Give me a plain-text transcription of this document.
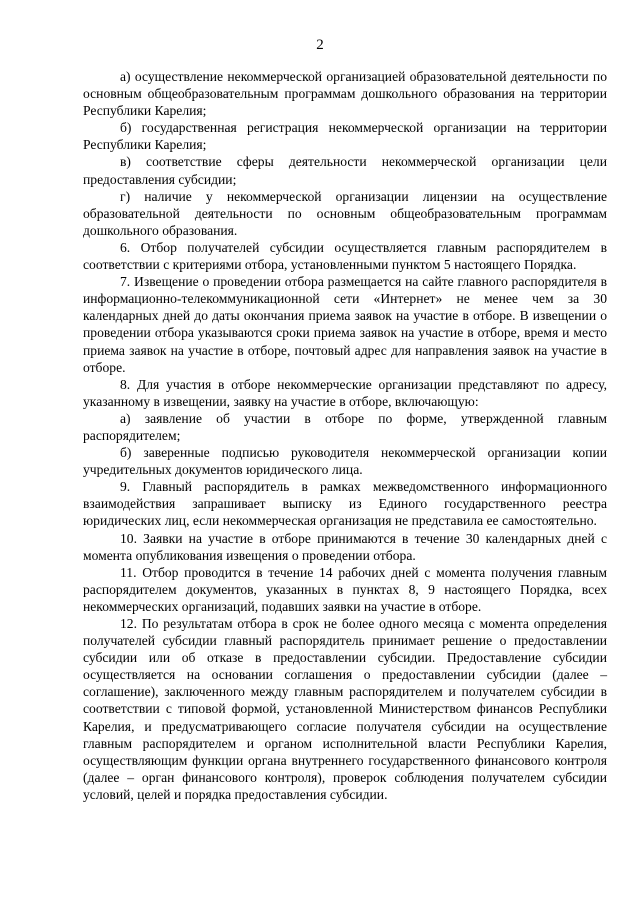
2

а) осуществление некоммерческой организацией образовательной деятельности по основным общеобразовательным программам дошкольного образования на территории Республики Карелия;

б) государственная регистрация некоммерческой организации на территории Республики Карелия;

в) соответствие сферы деятельности некоммерческой организации цели предоставления субсидии;

г) наличие у некоммерческой организации лицензии на осуществление образовательной деятельности по основным общеобразовательным программам дошкольного образования.

6. Отбор получателей субсидии осуществляется главным распорядителем в соответствии с критериями отбора, установленными пунктом 5 настоящего Порядка.

7. Извещение о проведении отбора размещается на сайте главного распорядителя в информационно-телекоммуникационной сети «Интернет» не менее чем за 30 календарных дней до даты окончания приема заявок на участие в отборе. В извещении о проведении отбора указываются сроки приема заявок на участие в отборе, время и место приема заявок на участие в отборе, почтовый адрес для направления заявок на участие в отборе.

8. Для участия в отборе некоммерческие организации представляют по адресу, указанному в извещении, заявку на участие в отборе, включающую:

а) заявление об участии в отборе по форме, утвержденной главным распорядителем;

б) заверенные подписью руководителя некоммерческой организации копии учредительных документов юридического лица.

9. Главный распорядитель в рамках межведомственного информационного взаимодействия запрашивает выписку из Единого государственного реестра юридических лиц, если некоммерческая организация не представила ее самостоятельно.

10. Заявки на участие в отборе принимаются в течение 30 календарных дней с момента опубликования извещения о проведении отбора.

11. Отбор проводится в течение 14 рабочих дней с момента получения главным распорядителем документов, указанных в пунктах 8, 9 настоящего Порядка, всех некоммерческих организаций, подавших заявки на участие в отборе.

12. По результатам отбора в срок не более одного месяца с момента определения получателей субсидии главный распорядитель принимает решение о предоставлении субсидии или об отказе в предоставлении субсидии. Предоставление субсидии осуществляется на основании соглашения о предоставлении субсидии (далее – соглашение), заключенного между главным распорядителем и получателем субсидии в соответствии с типовой формой, установленной Министерством финансов Республики Карелия, и предусматривающего согласие получателя субсидии на осуществление главным распорядителем и органом исполнительной власти Республики Карелия, осуществляющим функции органа внутреннего государственного финансового контроля (далее – орган финансового контроля), проверок соблюдения получателем субсидии условий, целей и порядка предоставления субсидии.
